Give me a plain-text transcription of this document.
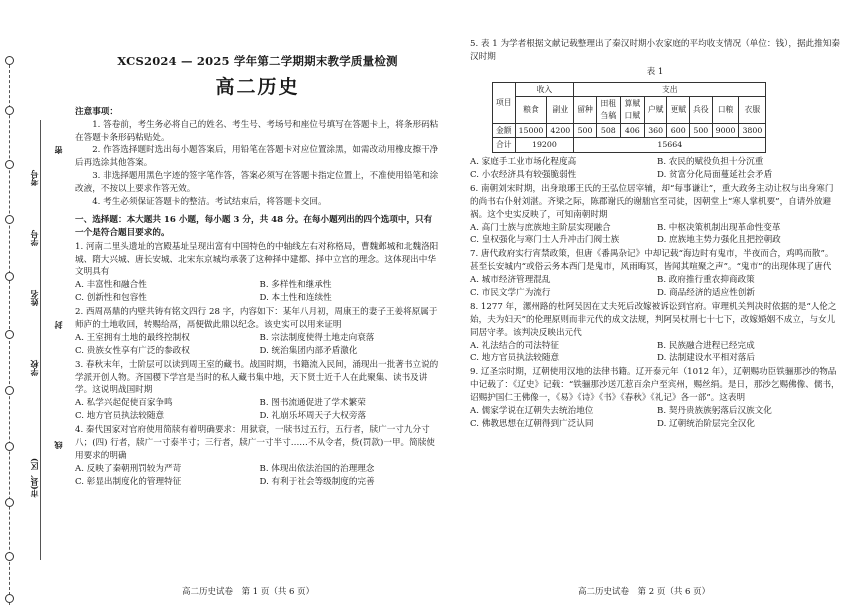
市(县、区)
学校
姓名
学号
考号
密
封
线
XCS2024 — 2025 学年第二学期期末教学质量检测
高二历史

注意事项：

1. 答卷前，考生务必将自己的姓名、考生号、考场号和座位号填写在答题卡上，将条形码粘在答题卡条形码粘贴处。

2. 作答选择题时选出每小题答案后，用铅笔在答题卡对应位置涂黑，如需改动用橡皮擦干净后再选涂其他答案。

3. 非选择题用黑色字迹的签字笔作答，答案必须写在答题卡指定位置上，不准使用铅笔和涂改液，不按以上要求作答无效。

4. 考生必须保证答题卡的整洁。考试结束后，将答题卡交回。

一、选择题：本大题共 16 小题，每小题 3 分，共 48 分。在每小题列出的四个选项中，只有一个是符合题目要求的。

1. 河南二里头遗址的宫殿基址呈现出富有中国特色的中轴线左右对称格局，曹魏邺城和北魏洛阳城、隋大兴城、唐长安城、北宋东京城均承袭了这种择中建都、择中立宫的理念。这体现出中华文明具有

A. 丰富性和融合性	B. 多样性和继承性
C. 创新性和包容性	D. 本土性和连续性

2. 西周鬲鼎的内壁共铸有铭文四行 28 字，内容如下：某年八月初，周康王的妻子王姜将原属于师庐的土地收回，转赐给鬲，鬲便做此鼎以纪念。该史实可以用来证明

A. 王室拥有土地的最终控制权	B. 宗法制度使得土地走向衰落
C. 贵族女性享有广泛的参政权	D. 统治集团内部矛盾激化

3. 春秋末年，士阶层可以读到周王室的藏书。战国时期，书籍流入民间，涌现出一批著书立说的学派开创人物。齐国稷下学宫是当时的私人藏书集中地，天下贤士近千人在此聚集、读书及讲学。这说明战国时期

A. 私学兴起促使百家争鸣	B. 图书流通促进了学术繁荣
C. 地方官员执法较随意	D. 礼崩乐坏周天子大权旁落

4. 秦代国家对官府使用简牍有着明确要求：用狱衰，一牍书过五行，五行者，牍广一寸九分寸八；(四) 行者，牍广一寸泰半寸；三行者，牍广一寸半寸……不从令者，赀(罚款)一甲。简牍使用要求的明确

A. 反映了秦朝刑罚较为严苛	B. 体现出依法治国的治理理念
C. 彰显出制度化的管理特征	D. 有利于社会等级制度的完善
高二历史试卷　第 1 页（共 6 页）

5. 表 1 为学者根据文献记载整理出了秦汉时期小农家庭的平均收支情况（单位：钱），据此推知秦汉时期

表 1

项目	收入		支出							
	粮食	副业	留种	田租刍稿	算赋口赋	户赋	更赋	兵役	口粮	衣服
金额	15000	4200	500	508	406	360	600	500	9000	3800
合计	19200		15664							
A. 家庭手工业市场化程度高	B. 农民的赋役负担十分沉重
C. 小农经济具有较强脆弱性	D. 贫富分化局面蔓延社会矛盾

6. 南朝刘宋时期，出身琅琊王氏的王弘位居宰辅，却“每事谦让”，重大政务主动让权与出身寒门的尚书右仆射刘湛。齐梁之际，陈郡谢氏的谢朏官至司徒，因朝堂上“寒人掌机要”，自请外放避祸。这个史实反映了，可知南朝时期

A. 高门士族与庶族地主阶层实现融合	B. 中枢决策机制出现革命性变革
C. 皇权强化与寒门士人升冲击门阀士族	D. 庶族地主势力强化且把控朝政

7. 唐代政府实行宵禁政策，但唐《番禺杂记》中却记载“海边时有鬼市，半夜而合，鸡鸣而散”。甚至长安城内“或俗云务本西门是鬼市，风雨晦冥，皆闻其喧聚之声”。“鬼市”的出现体现了唐代

A. 城市经济管理混乱	B. 政府推行重农抑商政策
C. 市民文学广为流行	D. 商品经济的适应性创新

8. 1277 年，漯州路的杜阿吴因在丈夫死后改嫁被诉讼到官府。审理机关判决时依据的是“人伦之始，夫为妇天”的伦理原则而非元代的成文法规，判阿吴杖刑七十七下，改嫁婚姻不成立，与女儿同居守孝。该判决反映出元代

A. 礼法结合的司法特征	B. 民族融合进程已经完成
C. 地方官员执法较随意	D. 法制建设水平相对落后

9. 辽圣宗时期，辽朝使用汉地的法律书籍。辽开泰元年（1012 年），辽朝赐功臣铁骊那沙的物品中记载了：《辽史》记载：“铁骊那沙送兀惹百余户至宾州，赐丝绢。是日，那沙乞赐佛像、儒书，诏赐护国仁王佛像一，《易》《诗》《书》《春秋》《礼记》各一部”。这表明

A. 儒家学说在辽朝失去统治地位	B. 契丹贵族族躬落后汉族文化
C. 佛教思想在辽朝得到广泛认同	D. 辽朝统治阶层完全汉化
高二历史试卷　第 2 页（共 6 页）
